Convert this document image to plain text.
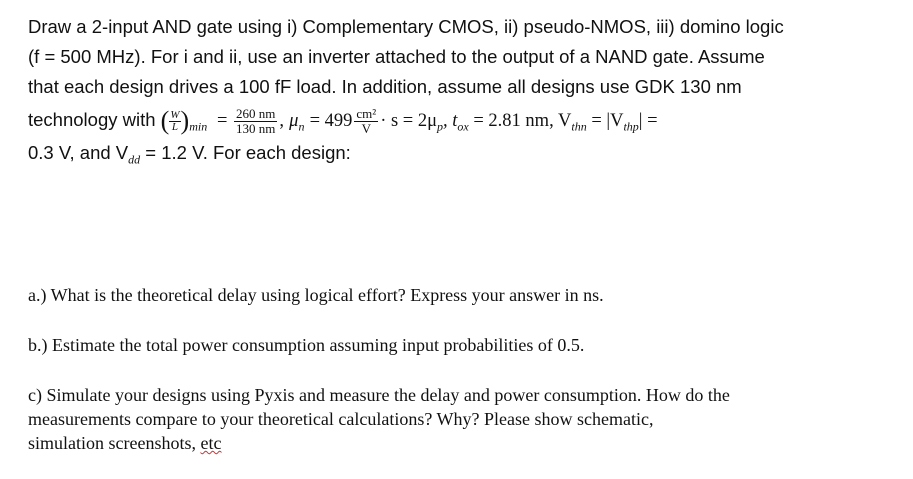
Draw a 2-input AND gate using i) Complementary CMOS, ii) pseudo-NMOS, iii) domino logic
(f = 500 MHz). For i and ii, use an inverter attached to the output of a NAND gate. Assume
that each design drives a 100 fF load. In addition, assume all designs use GDK 130 nm
technology with ( $\frac{W}{L} )_{min} = \frac{260 nm}{130 nm}$ , $\mu_n = 499 \frac{\text{cm²}}{V} \cdot s = 2\mu_p$, $t_{ox} = 2.81$ nm, $V_{thn} = |V_{thp}|$ =
0.3 V, and $V_{dd} = 1.2$ V. For each design:
a.) What is the theoretical delay using logical effort? Express your answer in ns.
b.) Estimate the total power consumption assuming input probabilities of 0.5.
c) Simulate your designs using Pyxis and measure the delay and power consumption. How do the
measurements compare to your theoretical calculations? Why? Please show schematic,
simulation screenshots, etc
